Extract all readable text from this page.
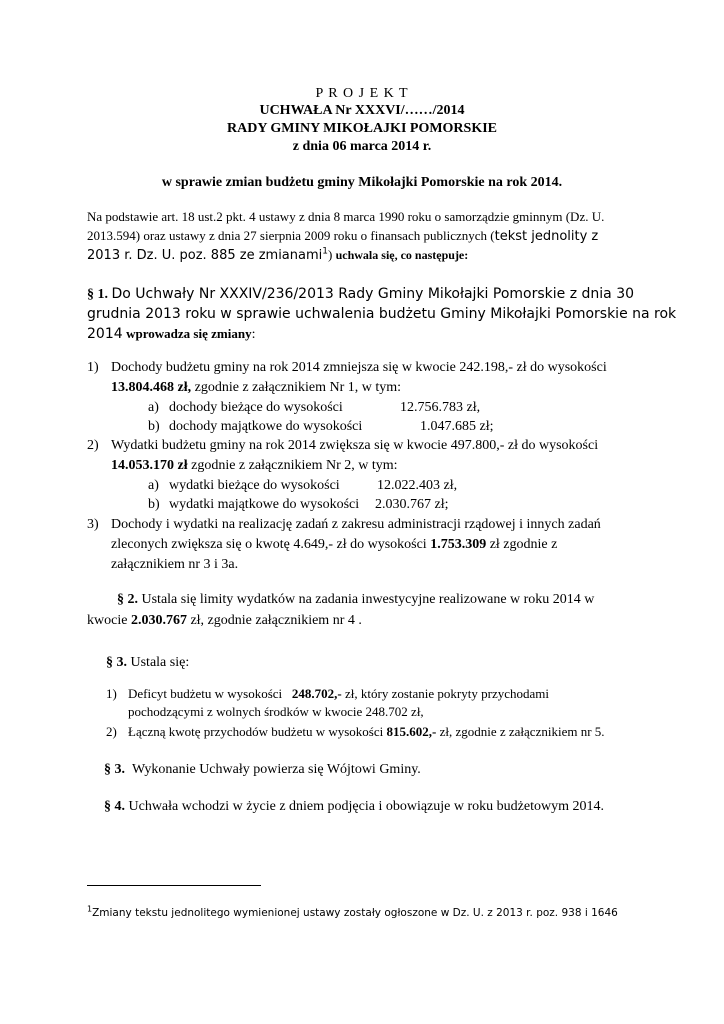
P R O J E K T
UCHWAŁA Nr XXXVI/……/2014
RADY GMINY MIKOŁAJKI POMORSKIE
z dnia 06 marca 2014 r.
w sprawie zmian budżetu gminy Mikołajki Pomorskie na rok 2014.
Na podstawie art. 18 ust.2 pkt. 4 ustawy z dnia 8 marca 1990 roku o samorządzie gminnym (Dz. U.
2013.594) oraz ustawy z dnia 27 sierpnia 2009 roku o finansach publicznych (tekst jednolity z
2013 r. Dz. U. poz. 885 ze zmianami$^1$) uchwala się, co następuje:
§ 1. Do Uchwały Nr XXXIV/236/2013 Rady Gminy Mikołajki Pomorskie z dnia 30
grudnia 2013 roku w sprawie uchwalenia budżetu Gminy Mikołajki Pomorskie na rok
2014 wprowadza się zmiany:
1) Dochody budżetu gminy na rok 2014 zmniejsza się w kwocie 242.198,- zł do wysokości
13.804.468 zł, zgodnie z załącznikiem Nr 1, w tym:
a) dochody bieżące do wysokości	12.756.783 zł,
b) dochody majątkowe do wysokości	1.047.685 zł;
2) Wydatki budżetu gminy na rok 2014 zwiększa się w kwocie 497.800,- zł do wysokości
14.053.170 zł zgodnie z załącznikiem Nr 2, w tym:
a) wydatki bieżące do wysokości	12.022.403 zł,
b) wydatki majątkowe do wysokości 2.030.767 zł;
3) Dochody i wydatki na realizację zadań z zakresu administracji rządowej i innych zadań
zleconych zwiększa się o kwotę 4.649,- zł do wysokości 1.753.309 zł zgodnie z
załącznikiem nr 3 i 3a.
§ 2. Ustala się limity wydatków na zadania inwestycyjne realizowane w roku 2014 w
kwocie 2.030.767 zł, zgodnie załącznikiem nr 4 .
§ 3. Ustala się:
1) Deficyt budżetu w wysokości 248.702,- zł, który zostanie pokryty przychodami
pochodzącymi z wolnych środków w kwocie 248.702 zł,
2) Łączną kwotę przychodów budżetu w wysokości 815.602,- zł, zgodnie z załącznikiem nr 5.
§ 3. Wykonanie Uchwały powierza się Wójtowi Gminy.
§ 4. Uchwała wchodzi w życie z dniem podjęcia i obowiązuje w roku budżetowym 2014.
$^1$Zmiany tekstu jednolitego wymienionej ustawy zostały ogłoszone w Dz. U. z 2013 r. poz. 938 i 1646
